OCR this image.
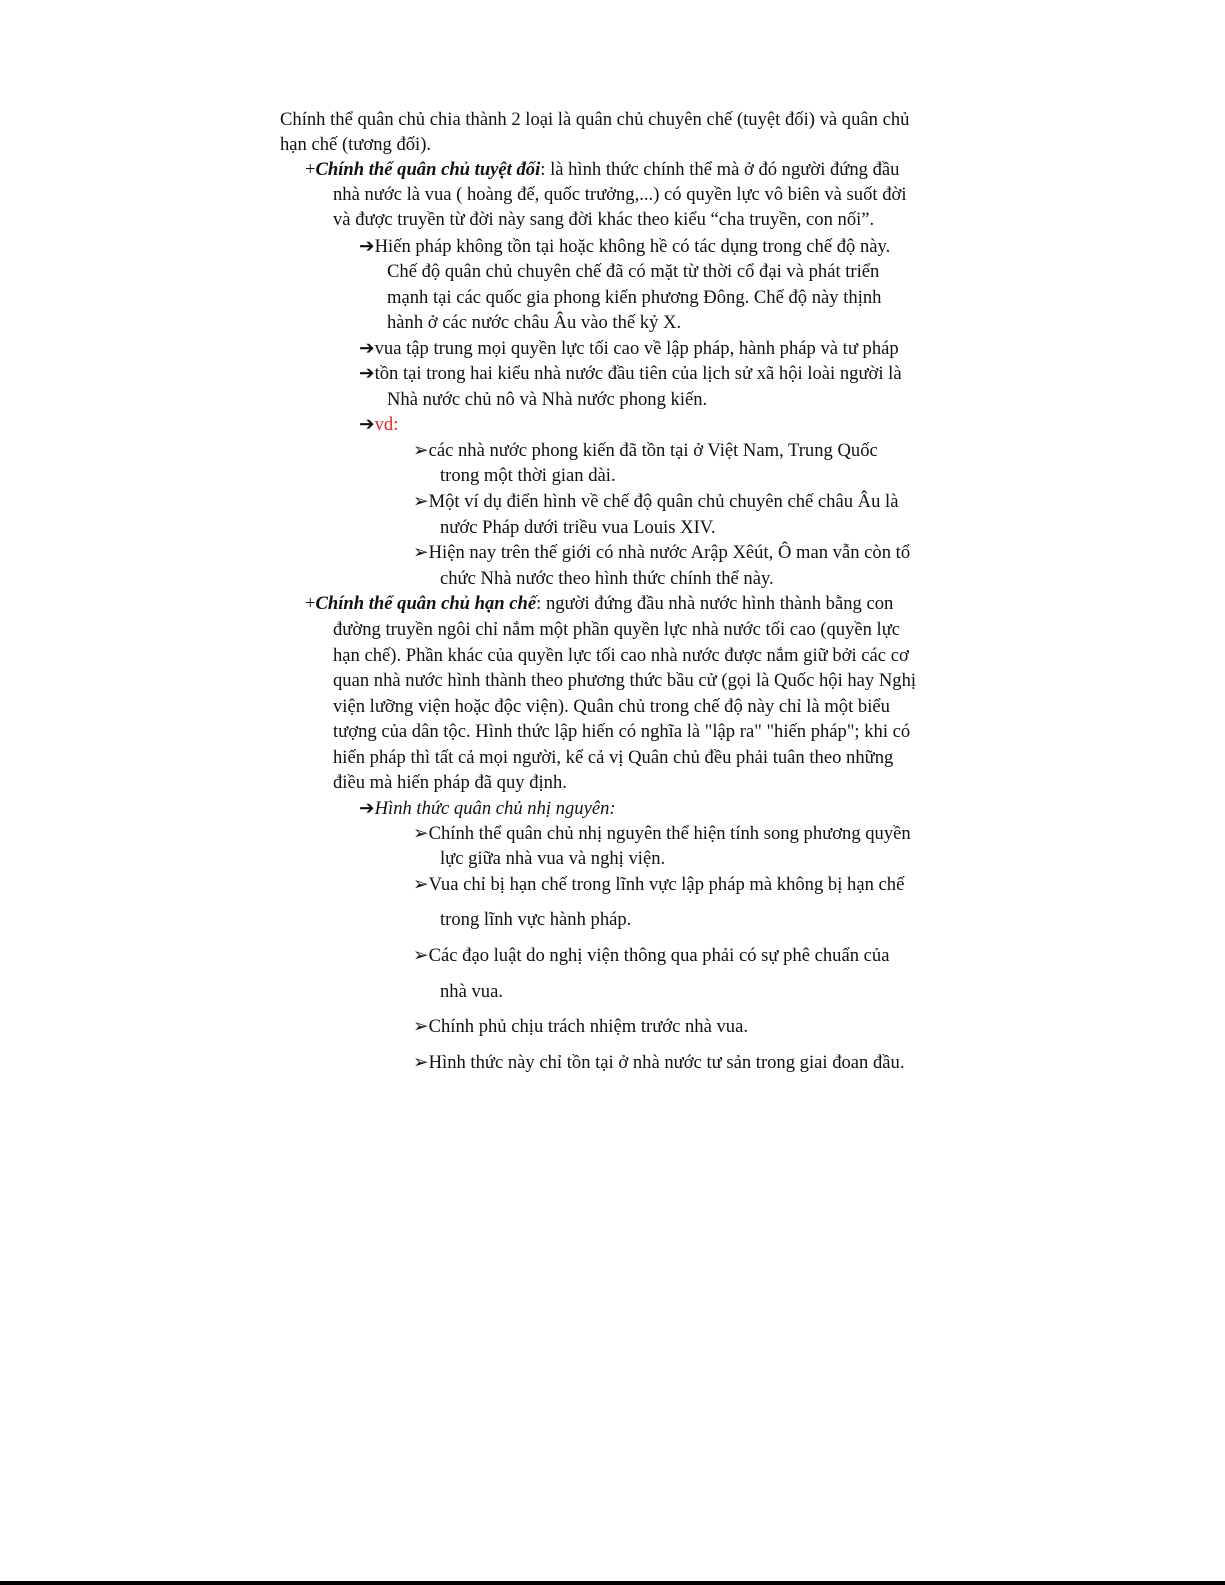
Chính thể quân chủ chia thành 2 loại là quân chủ chuyên chế (tuyệt đối) và quân chủ
hạn chế (tương đối).
+Chính thể quân chủ tuyệt đối: là hình thức chính thể mà ở đó người đứng đầu
nhà nước là vua ( hoàng đế, quốc trưởng,...) có quyền lực vô biên và suốt đời
và được truyền từ đời này sang đời khác theo kiểu “cha truyền, con nối”.
➔Hiến pháp không tồn tại hoặc không hề có tác dụng trong chế độ này.
Chế độ quân chủ chuyên chế đã có mặt từ thời cổ đại và phát triển
mạnh tại các quốc gia phong kiến phương Đông. Chế độ này thịnh
hành ở các nước châu Âu vào thế kỷ X.
➔vua tập trung mọi quyền lực tối cao về lập pháp, hành pháp và tư pháp
➔tồn tại trong hai kiểu nhà nước đầu tiên của lịch sử xã hội loài người là
Nhà nước chủ nô và Nhà nước phong kiến.
➔vd:
➢các nhà nước phong kiến đã tồn tại ở Việt Nam, Trung Quốc
trong một thời gian dài.
➢Một ví dụ điển hình về chế độ quân chủ chuyên chế châu Âu là
nước Pháp dưới triều vua Louis XIV.
➢Hiện nay trên thế giới có nhà nước Arập Xêút, Ô man vẫn còn tổ
chức Nhà nước theo hình thức chính thể này.
+Chính thể quân chủ hạn chế: người đứng đầu nhà nước hình thành bằng con
đường truyền ngôi chỉ nắm một phần quyền lực nhà nước tối cao (quyền lực
hạn chế). Phần khác của quyền lực tối cao nhà nước được nắm giữ bởi các cơ
quan nhà nước hình thành theo phương thức bầu cử (gọi là Quốc hội hay Nghị
viện lưỡng viện hoặc độc viện). Quân chủ trong chế độ này chỉ là một biểu
tượng của dân tộc. Hình thức lập hiến có nghĩa là "lập ra" "hiến pháp"; khi có
hiến pháp thì tất cả mọi người, kể cả vị Quân chủ đều phải tuân theo những
điều mà hiến pháp đã quy định.
➔Hình thức quân chủ nhị nguyên:
➢Chính thể quân chủ nhị nguyên thể hiện tính song phương quyền
lực giữa nhà vua và nghị viện.
➢Vua chỉ bị hạn chế trong lĩnh vực lập pháp mà không bị hạn chế
trong lĩnh vực hành pháp.
➢Các đạo luật do nghị viện thông qua phải có sự phê chuẩn của
nhà vua.
➢Chính phủ chịu trách nhiệm trước nhà vua.
➢Hình thức này chỉ tồn tại ở nhà nước tư sản trong giai đoan đầu.
